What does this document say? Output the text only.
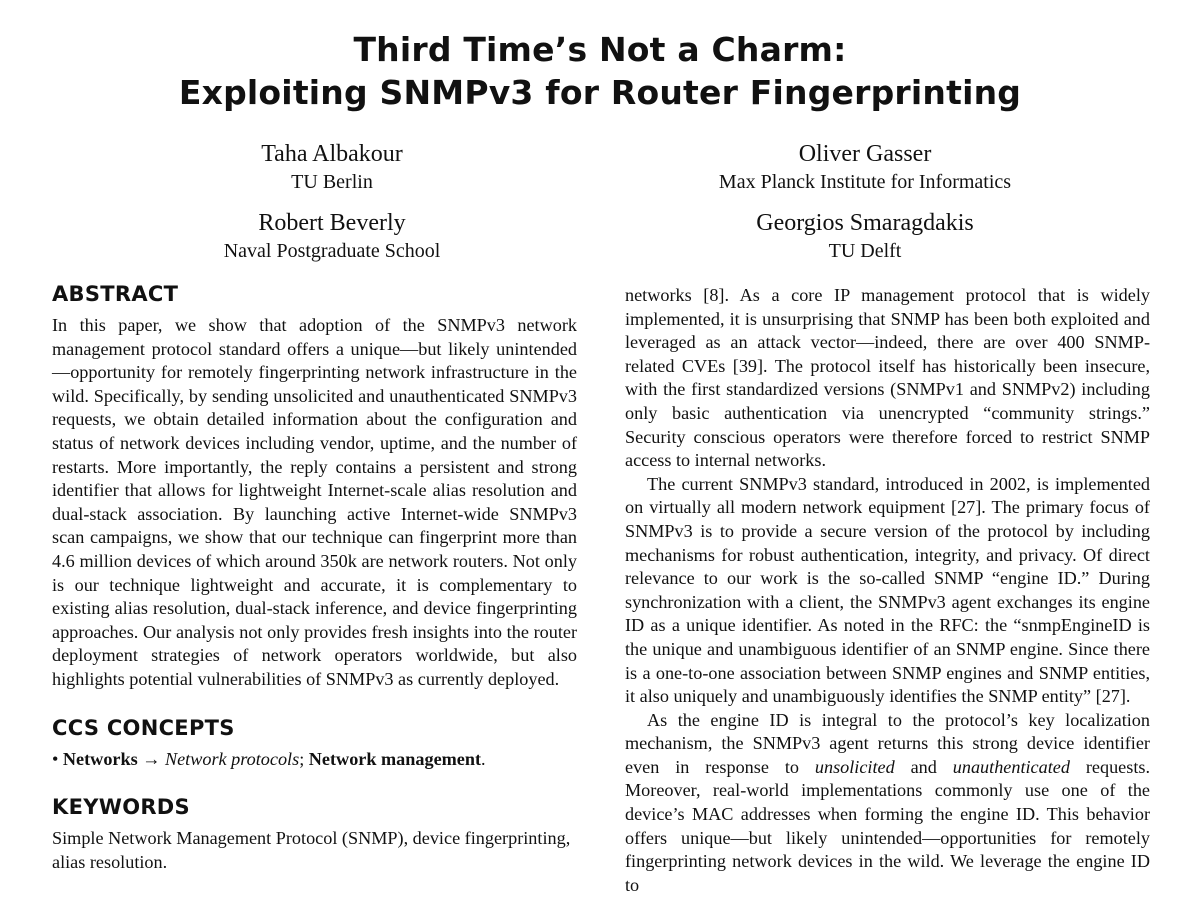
Third Time’s Not a Charm:
Exploiting SNMPv3 for Router Fingerprinting
Taha Albakour
TU Berlin
Oliver Gasser
Max Planck Institute for Informatics
Robert Beverly
Naval Postgraduate School
Georgios Smaragdakis
TU Delft
ABSTRACT

In this paper, we show that adoption of the SNMPv3 network management protocol standard offers a unique—but likely unintended—opportunity for remotely fingerprinting network infrastructure in the wild. Specifically, by sending unsolicited and unauthenticated SNMPv3 requests, we obtain detailed information about the configuration and status of network devices including vendor, uptime, and the number of restarts. More importantly, the reply contains a persistent and strong identifier that allows for lightweight Internet-scale alias resolution and dual-stack association. By launching active Internet-wide SNMPv3 scan campaigns, we show that our technique can fingerprint more than 4.6 million devices of which around 350k are network routers. Not only is our technique lightweight and accurate, it is complementary to existing alias resolution, dual-stack inference, and device fingerprinting approaches. Our analysis not only provides fresh insights into the router deployment strategies of network operators worldwide, but also highlights potential vulnerabilities of SNMPv3 as currently deployed.

CCS CONCEPTS

• Networks → Network protocols; Network management.

KEYWORDS

Simple Network Management Protocol (SNMP), device fingerprinting, alias resolution.

networks [8]. As a core IP management protocol that is widely implemented, it is unsurprising that SNMP has been both exploited and leveraged as an attack vector—indeed, there are over 400 SNMP-related CVEs [39]. The protocol itself has historically been insecure, with the first standardized versions (SNMPv1 and SNMPv2) including only basic authentication via unencrypted “community strings.” Security conscious operators were therefore forced to restrict SNMP access to internal networks.

The current SNMPv3 standard, introduced in 2002, is implemented on virtually all modern network equipment [27]. The primary focus of SNMPv3 is to provide a secure version of the protocol by including mechanisms for robust authentication, integrity, and privacy. Of direct relevance to our work is the so-called SNMP “engine ID.” During synchronization with a client, the SNMPv3 agent exchanges its engine ID as a unique identifier. As noted in the RFC: the “snmpEngineID is the unique and unambiguous identifier of an SNMP engine. Since there is a one-to-one association between SNMP engines and SNMP entities, it also uniquely and unambiguously identifies the SNMP entity” [27].

As the engine ID is integral to the protocol’s key localization mechanism, the SNMPv3 agent returns this strong device identifier even in response to unsolicited and unauthenticated requests. Moreover, real-world implementations commonly use one of the device’s MAC addresses when forming the engine ID. This behavior offers unique—but likely unintended—opportunities for remotely fingerprinting network devices in the wild. We leverage the engine ID to
